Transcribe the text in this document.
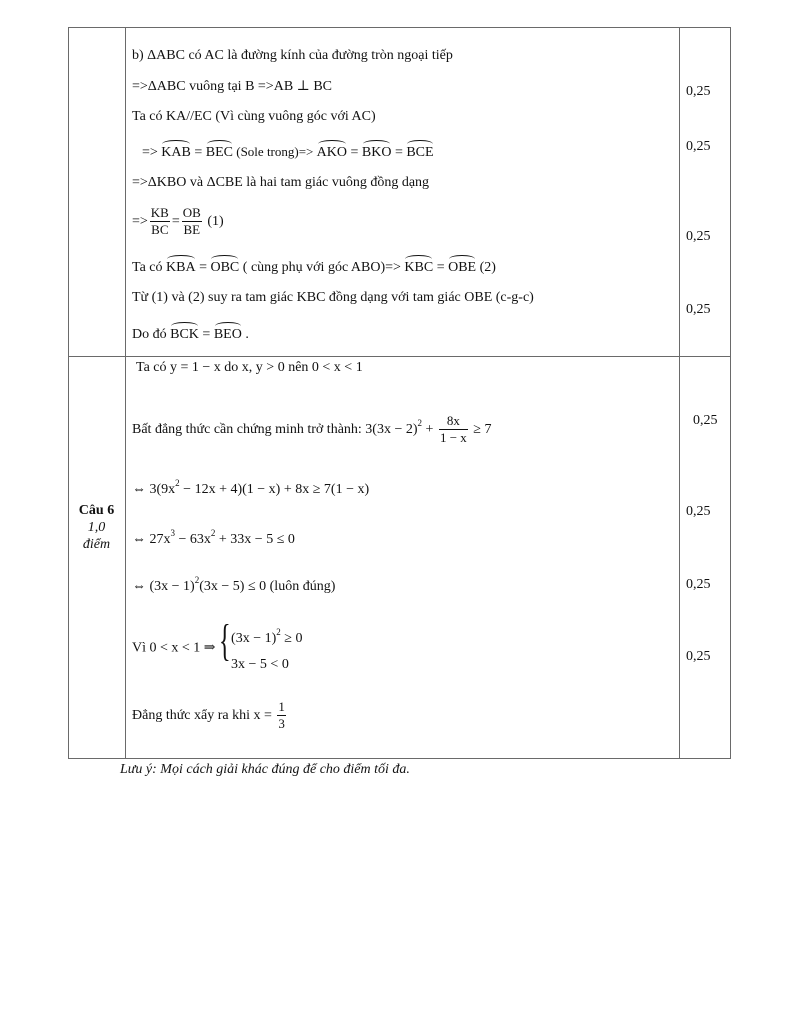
b) ΔABC có AC là đường kính của đường tròn ngoại tiếp
=>ΔABC vuông tại B =>AB ⊥ BC
Ta có KA//EC (Vì cùng vuông góc với AC)
=> KAB = BEC (Sole trong)=> AKO = BKO = BCE
=>ΔKBO và ΔCBE là hai tam giác vuông đồng dạng
=> $\frac{KB}{BC} = \frac{OB}{BE} (1)$
Ta có KBA = OBC ( cùng phụ với góc ABO)=> KBC = OBE (2)
Từ (1) và (2) suy ra tam giác KBC đồng dạng với tam giác OBE (c-g-c)
Do đó BCK = BEO .
0,25
0,25
0,25
0,25
Câu 6
1,0
điểm
Ta có y = 1 − x do x, y > 0 nên 0 < x < 1
Bất đẳng thức cần chứng minh trở thành: $3(3x - 2)^2 + \frac{8x}{1 - x} \ge 7$
⇔ $3(9x^2 - 12x + 4)(1 - x) + 8x \ge 7(1 - x)$
⇔ $27x^3 - 63x^2 + 33x - 5 \le 0$
⇔ $(3x - 1)^2(3x - 5) \le 0$ (luôn đúng)
Vì 0 < x < 1 ⇒ { $(3x - 1)^2 \ge 0$
3x − 5 < 0
Đẳng thức xẩy ra khi $x = \frac{1}{3}$
0,25
0,25
0,25
0,25
Lưu ý: Mọi cách giải khác đúng để cho điểm tối đa.
